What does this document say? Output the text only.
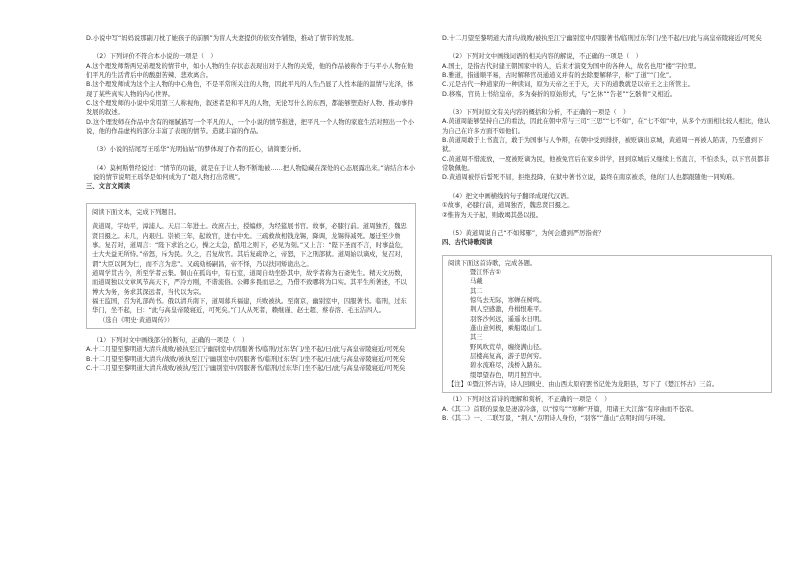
D.小说中写“妈妈说那副刀枕了她孩子的前额”为盲人夫妻提供的依安作铺垫，推动了情节的发展。

（2）下列评价不符合本小说的一项是（　）

A.这个理发师帮两兄弟理发的情节中，如小人物的生存状态表现出对于人物的关爱，他的作品被称作于与平小人物在他们平凡的生活背后中的酸甜苦辣、悲欢离合。

B.这个理发师成为这个主人物的中心角色，不是平常所关注的人物，因此平凡的人生凸显了人性本能的温情与光泽，体现了某些真实人物的内心世界。

C.这个理发师的小说中采用第三人称视角，叙述者是和平凡的人物，无论写什么的东西，都能够塑造好人物、推动事件发展的叙述。

D.这个理发师在作品中含有的细腻描写一个平凡的人，一个小说的情节推进，把平凡一个人物的家庭生活对照出一个小说，他的作品虚构的部分丰富了表现的情节。造就丰富的作品。

（3）小说的结尾写王瑶华“光明仙姑”的梦体现了作者的匠心，请简要分析。

（4）莫柯斯曾经说过：“情节的功能，就是在于让人物不断地被……把人物隐藏在深处的心态展露出来。”请结合本小说的情节说明王瑶华是如何成为了“超人物打出常规”。

三、文言文阅读

阅读下面文本，完成下列题目。

黄道周，字幼平，漳浦人。天启二年进士。改庶吉士，授编修，为经筵展书官。故事，必膝行前。道周独否，魏忠贤目摄之。未几，内艰归。崇祯三年，起故官，进右中允。三疏救故相钱龙锡，降调，龙锡得减死。屡迁至少詹事。复召对，道周言：“陛下求治之心，操之太急，酷用之则下，必见为刻。”又上言：“陛下圣而不言，时事益危，士大夫益无所恃。”帝怒，斥为民。久之，召复故官。其后复疏诤之，帝怒，下之刑部狱。道周始以谪戍，复召对，谓“大臣以阿为仁，而不言为忠”。又疏劾杨嗣昌，帝不怿，乃以扶同矫诡出之。

道周学贯古今，所至学者云集。铜山在孤岛中，有石室，道周自幼坐卧其中，故学者称为石斋先生。精天文历数，而道周独以文章风节高天下，严冷方刚，不谐流俗。公卿多畏而忌之，乃借不致哪将为口实。其平生所著述，不以博大为务，务求其深远者，当代以为宗。

福王监国，召为礼部尚书。俄以清兵南下，道周募兵福建，兵败被执。至南京，幽别室中，囚服著书。临刑，过东华门，坐不起，曰：“此与高皇帝陵寝近，可死矣。”门人从死者，赖继谨、赵士超、蔡春溶、毛玉洁四人。

（选自《明史·黄道周传》）

（1）下列对文中画线部分的断句，正确的一项是（　）

A.十二月望至黎明道大清兵战败/被执至江宁幽别室中/因服著书/临刑/过东华门/坐不起/曰/此与高皇帝陵寝近/可死矣

B.十二月望至黎明道大清兵/战败/被执至江宁幽别室中/因服著书/临刑过东华门/坐不起/曰/此与高皇帝陵寝近/可死矣

C.十二月望至黎明道大清兵战败/被执/至江宁幽别室中/因服著书/临刑/过东华门坐不起/曰/此与高皇帝陵寝近/可死矣

D.十二月望至黎明道大清兵/战败/被执至江宁幽别室中/因服著书/临刑过东华门/坐不起/曰/此与高皇帝陵寝近/可死矣

（2）下列对文中画线词语的相关内容的解说，不正确的一项是（　）

A.国士，是指古代封建王朝国家中的人，后来才演变为国中的各种人，故名也用“楼”字拉里。

B.雅道，指通顺平易，古时解释官员通道义并有的去除要解释字，称“了道”“门化”。

C.元是古代一种道家的一种读词，原为天帝之王于天，天下的道教就是以帝王之主所管主。

D.移殇，官员上书给皇帝，多为奏折的原始形式，与“乞休”“告老”“乞骸骨”义相近。

（3）下列对原文有关内容的概括和分析，不正确的一项是（　）

A.黄道周能够坚持自己的看法，因此在朝中常与三司“三思”“七不如”，在“七不如”中，从多个方面相比较人相比，他认为自己在许多方面不如他们。

B.黄道周敢于上书直言，敢于为国事与人争辩，在朝中受到排挤，被贬谪出京城，黄道周一再被人陷害，乃至遭到下狱。

C.黄道周不惜流放，一度被贬谪为民，他被免官后在家乡讲学，回到京城后又继续上书直言，不怕杀头，以下官员都非常敬佩他。

D.黄道周被俘后誓死不屈，拒绝投降，在狱中著书立说，最终在南京被杀，他的门人也都跟随他一同殉难。

（4）把文中画横线的句子翻译成现代汉语。

①故事，必膝行前，道周独否，魏忠贤目摄之。

②惟皆为天子起，则敢竭其愚以报。

（5）黄道周说自己“不如郑鄤”，为何会遭到严厉指责？

四、古代诗歌阅读

阅读下面这首诗歌，完成各题。

暨江怀古①

马戴

其二

惊鸟去无际，寒蝉在树鸣。

荆人空感激，舟楫恨难平。

羽客沙何远，遥遥水日明。

蓬山意何极，乘船谒山门。

其三

野风吹荒草，缠绕满山径。

层楼高复高，游子思何穷。

碧水流难尽，浅桥入路东。

缀罩望春色，明月照宫中。

【注】①暨江怀古诗，诗人回顾史、由山西太原府罢书记处为龙阳县，写下了《楚江怀古》三首。

（1）下列对这首诗的理解和赏析，不正确的一项是（　）

A.《其二》首联的景象是凄凉冷落，以“惊鸟”“寒蝉”开篇，用诸王大江落“有序曲而不苍凉。

B.《其二》一、二联写景，“荆人”点明诗人身份，“羽客”“蓬山”点明时间与环境。
